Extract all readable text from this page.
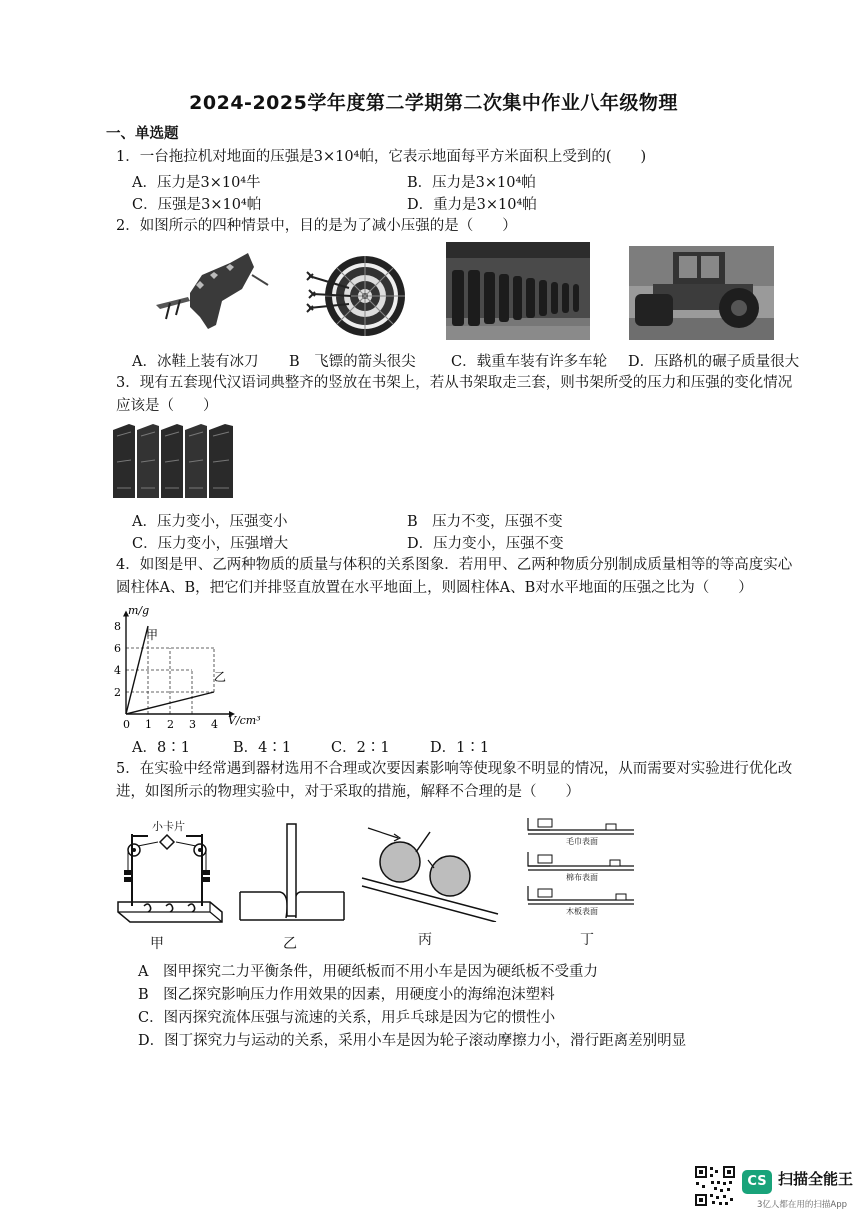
2024-2025学年度第二学期第二次集中作业八年级物理
一、单选题
1．一台拖拉机对地面的压强是3×10⁴帕，它表示地面每平方米面积上受到的(　　)
A．压力是3×10⁴牛	B．压力是3×10⁴帕
C．压强是3×10⁴帕	D．重力是3×10⁴帕
2．如图所示的四种情景中，目的是为了减小压强的是（　　）
A．冰鞋上装有冰刀 B　飞镖的箭头很尖 C．载重车装有许多车轮 D．压路机的碾子质量很大
3．现有五套现代汉语词典整齐的竖放在书架上，若从书架取走三套，则书架所受的压力和压强的变化情况
应该是（　　）
A．压力变小，压强变小	B　压力不变，压强不变
C．压力变小，压强增大	D．压力变小，压强不变
4．如图是甲、乙两种物质的质量与体积的关系图象．若用甲、乙两种物质分别制成质量相等的等高度实心
圆柱体A、B，把它们并排竖直放置在水平地面上，则圆柱体A、B对水平地面的压强之比为（　　）
0 1 2 3 4
2
4
6
8
m/g
V/cm³
甲
乙
A．8∶1	B．4∶1	C．2∶1	D．1∶1
5．在实验中经常遇到器材选用不合理或次要因素影响等使现象不明显的情况，从而需要对实验进行优化改
进，如图所示的物理实验中，对于采取的措施，解释不合理的是（　　）
小卡片
毛巾表面
棉布表面
木板表面
甲	乙	丙	丁
A　图甲探究二力平衡条件，用硬纸板而不用小车是因为硬纸板不受重力
B　图乙探究影响压力作用效果的因素，用硬度小的海绵泡沫塑料
C．图丙探究流体压强与流速的关系，用乒乓球是因为它的惯性小
D．图丁探究力与运动的关系，采用小车是因为轮子滚动摩擦力小，滑行距离差别明显
CS 扫描全能王
3亿人都在用的扫描App
